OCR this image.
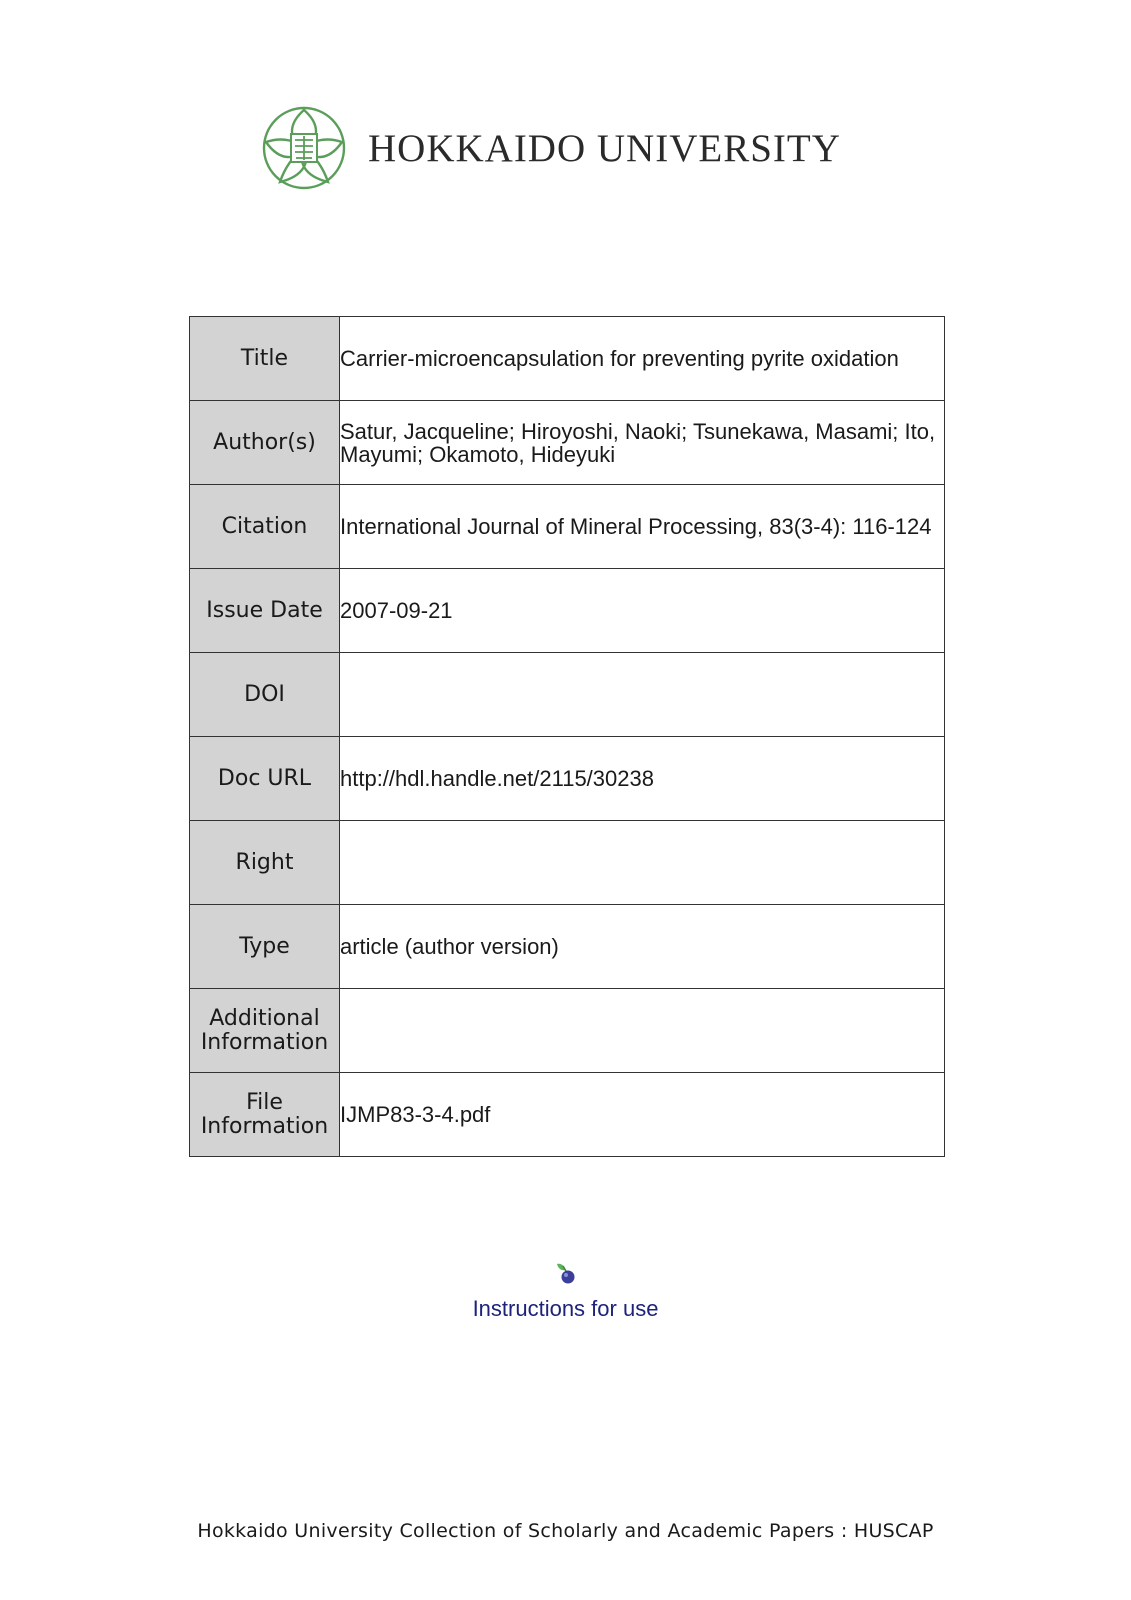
HOKKAIDO UNIVERSITY
Title	Carrier-microencapsulation for preventing pyrite oxidation
Author(s)	Satur, Jacqueline; Hiroyoshi, Naoki; Tsunekawa, Masami; Ito, Mayumi; Okamoto, Hideyuki
Citation	International Journal of Mineral Processing, 83(3-4): 116-124
Issue Date	2007-09-21
DOI	
Doc URL	http://hdl.handle.net/2115/30238
Right	
Type	article (author version)
Additional Information	
File Information	IJMP83-3-4.pdf
Instructions for use
Hokkaido University Collection of Scholarly and Academic Papers : HUSCAP
